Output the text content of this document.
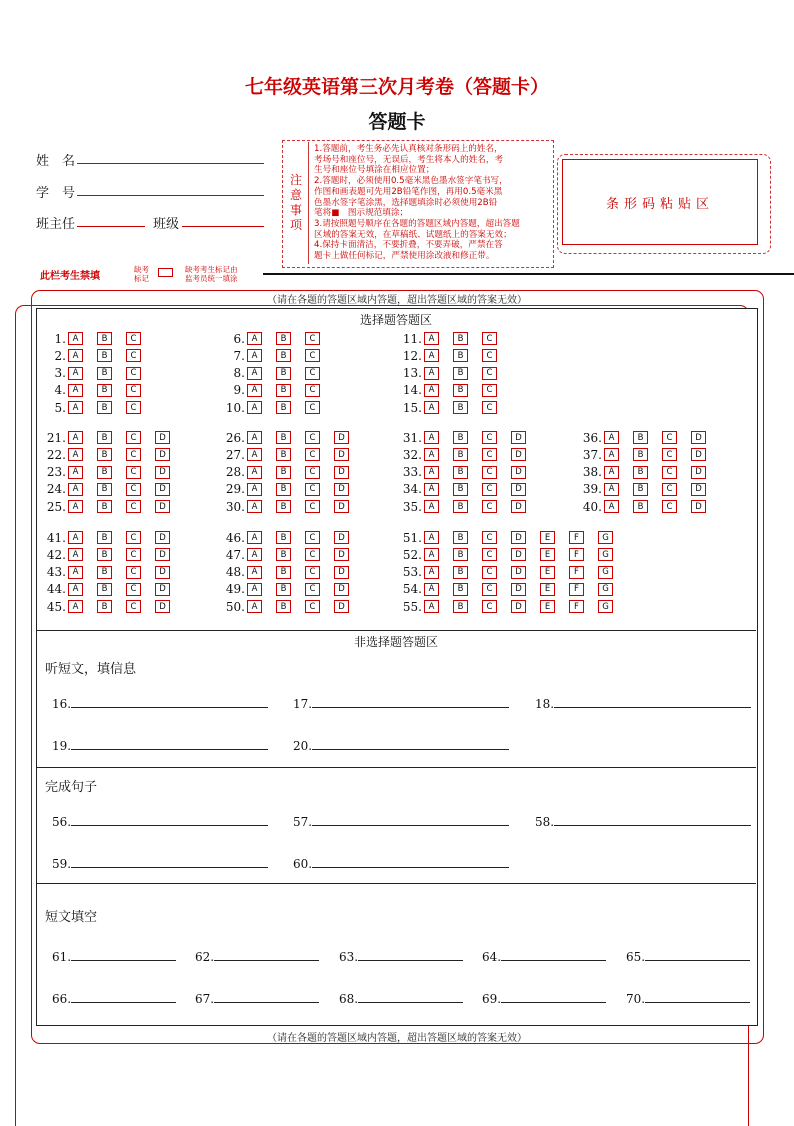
七年级英语第三次月考卷（答题卡）
答题卡
姓　名
学　号
班主任	班级
注
意
事
项
1.答题前，考生务必先认真核对条形码上的姓名，
考场号和座位号，无误后，考生将本人的姓名，考
生号和座位号填涂在相应位置；
2.答题时，必须使用0.5毫米黑色墨水签字笔书写，
作图和画表题可先用2B铅笔作图，再用0.5毫米黑
色墨水签字笔涂黑，选择题填涂时必须使用2B铅
笔将■　图示规范填涂；
3.请按照题号顺序在各题的答题区域内答题，超出答题
区域的答案无效，在草稿纸、试题纸上的答案无效；
4.保持卡面清洁，不要折叠，不要弄破，严禁在答
题卡上做任何标记，严禁使用涂改液和修正带。
条形码粘贴区
此栏考生禁填
缺考
标记
缺考考生标记由
监考员统一填涂
（请在各题的答题区域内答题，超出答题区域的答案无效）
（请在各题的答题区域内答题，超出答题区域的答案无效）
选择题答题区
1. A	B	C
2. A	B	C
3. A	B	C
4. A	B	C
5. A	B	C
6. A	B	C
7. A	B	C
8. A	B	C
9. A	B	C
10. A	B	C
11. A	B	C
12. A	B	C
13. A	B	C
14. A	B	C
15. A	B	C
21. A	B	C	D
22. A	B	C	D
23. A	B	C	D
24. A	B	C	D
25. A	B	C	D
26. A	B	C	D
27. A	B	C	D
28. A	B	C	D
29. A	B	C	D
30. A	B	C	D
31. A	B	C	D
32. A	B	C	D
33. A	B	C	D
34. A	B	C	D
35. A	B	C	D
36. A	B	C	D
37. A	B	C	D
38. A	B	C	D
39. A	B	C	D
40. A	B	C	D
41. A	B	C	D
42. A	B	C	D
43. A	B	C	D
44. A	B	C	D
45. A	B	C	D
46. A	B	C	D
47. A	B	C	D
48. A	B	C	D
49. A	B	C	D
50. A	B	C	D
51. A	B	C	D	E	F	G
52. A	B	C	D	E	F	G
53. A	B	C	D	E	F	G
54. A	B	C	D	E	F	G
55. A	B	C	D	E	F	G
非选择题答题区
听短文，填信息
完成句子
短文填空
16.	17.	18.
19.	20.
56.	57.	58.
59.	60.
61.	62.	63.	64.	65.
66.	67.	68.	69.	70.
